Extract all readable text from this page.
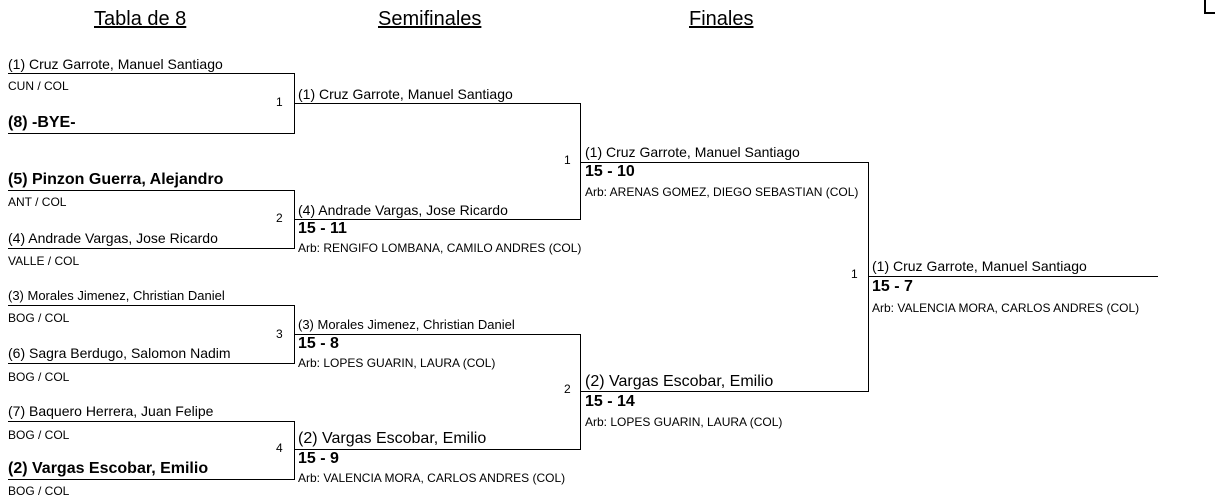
Tabla de 8	Semifinales	Finales
(1) Cruz Garrote, Manuel Santiago
CUN / COL
1
(8) -BYE-
(5) Pinzon Guerra, Alejandro
ANT / COL
2
(4) Andrade Vargas, Jose Ricardo
VALLE / COL
(3) Morales Jimenez, Christian Daniel
BOG / COL
3
(6) Sagra Berdugo, Salomon Nadim
BOG / COL
(7) Baquero Herrera, Juan Felipe
BOG / COL
4
(2) Vargas Escobar, Emilio
BOG / COL
(1) Cruz Garrote, Manuel Santiago
1
(4) Andrade Vargas, Jose Ricardo
15 - 11
Arb: RENGIFO LOMBANA, CAMILO ANDRES (COL)
(3) Morales Jimenez, Christian Daniel
15 - 8
Arb: LOPES GUARIN, LAURA (COL)
2
(2) Vargas Escobar, Emilio
15 - 9
Arb: VALENCIA MORA, CARLOS ANDRES (COL)
(1) Cruz Garrote, Manuel Santiago
15 - 10
Arb: ARENAS GOMEZ, DIEGO SEBASTIAN (COL)
(2) Vargas Escobar, Emilio
15 - 14
Arb: LOPES GUARIN, LAURA (COL)
1 (1) Cruz Garrote, Manuel Santiago
15 - 7
Arb: VALENCIA MORA, CARLOS ANDRES (COL)
